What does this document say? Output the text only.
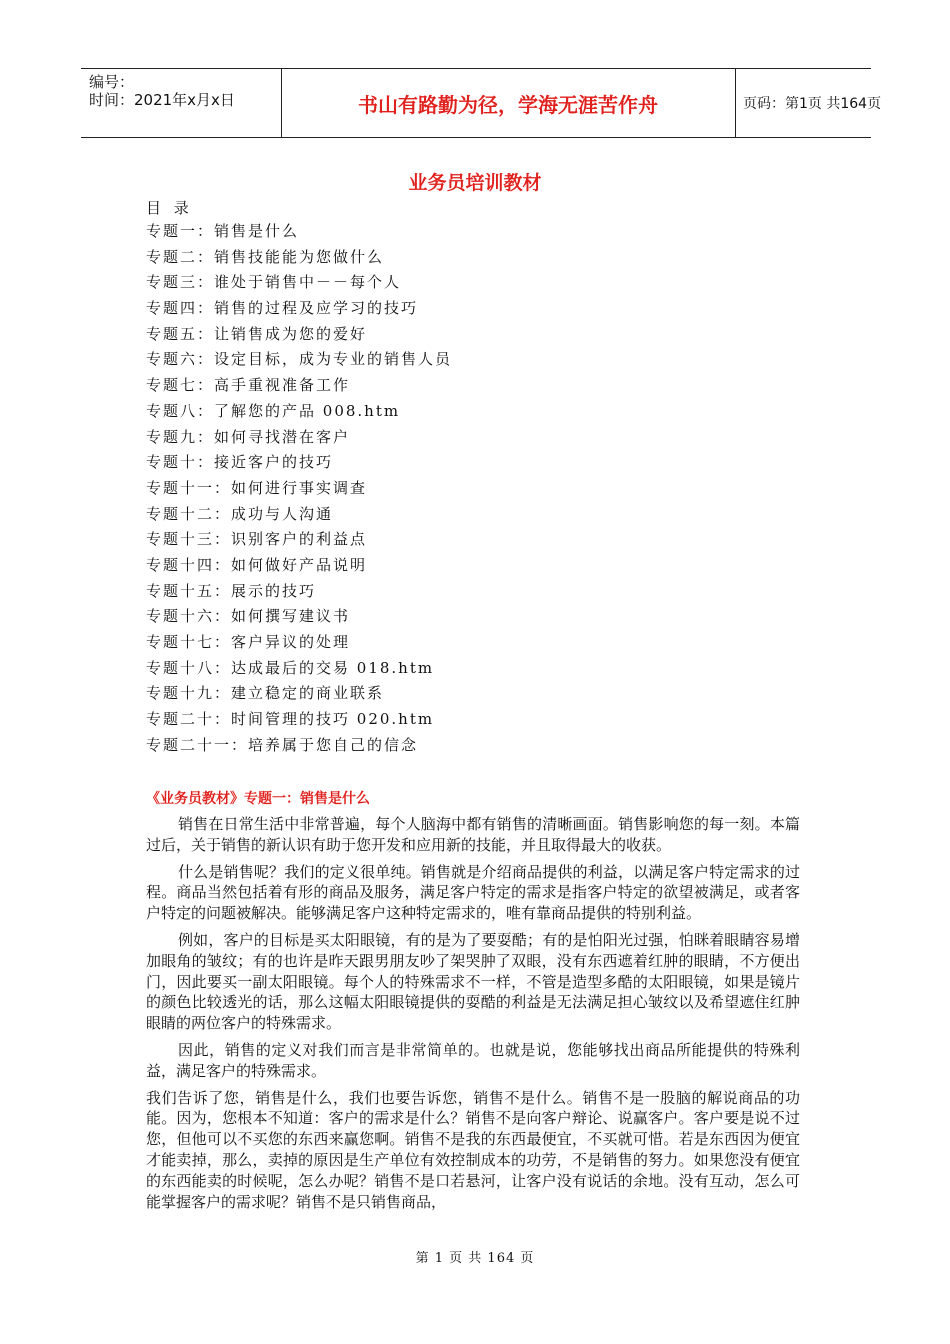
编号：
时间：2021年x月x日	书山有路勤为径，学海无涯苦作舟	页码：第1页 共164页
业务员培训教材
目 录
专题一：销售是什么
专题二：销售技能能为您做什么
专题三：谁处于销售中－－每个人
专题四：销售的过程及应学习的技巧
专题五：让销售成为您的爱好
专题六：设定目标，成为专业的销售人员
专题七：高手重视准备工作
专题八：了解您的产品 008.htm
专题九：如何寻找潜在客户
专题十：接近客户的技巧
专题十一：如何进行事实调查
专题十二：成功与人沟通
专题十三：识别客户的利益点
专题十四：如何做好产品说明
专题十五：展示的技巧
专题十六：如何撰写建议书
专题十七：客户异议的处理
专题十八：达成最后的交易 018.htm
专题十九：建立稳定的商业联系
专题二十：时间管理的技巧 020.htm
专题二十一：培养属于您自己的信念
《业务员教材》专题一：销售是什么

销售在日常生活中非常普遍，每个人脑海中都有销售的清晰画面。销售影响您的每一刻。本篇过后，关于销售的新认识有助于您开发和应用新的技能，并且取得最大的收获。

什么是销售呢？我们的定义很单纯。销售就是介绍商品提供的利益，以满足客户特定需求的过程。商品当然包括着有形的商品及服务，满足客户特定的需求是指客户特定的欲望被满足，或者客户特定的问题被解决。能够满足客户这种特定需求的，唯有靠商品提供的特别利益。

例如，客户的目标是买太阳眼镜，有的是为了要耍酷；有的是怕阳光过强，怕眯着眼睛容易增加眼角的皱纹；有的也许是昨天跟男朋友吵了架哭肿了双眼，没有东西遮着红肿的眼睛，不方便出门，因此要买一副太阳眼镜。每个人的特殊需求不一样，不管是造型多酷的太阳眼镜，如果是镜片的颜色比较透光的话，那么这幅太阳眼镜提供的耍酷的利益是无法满足担心皱纹以及希望遮住红肿眼睛的两位客户的特殊需求。

因此，销售的定义对我们而言是非常简单的。也就是说，您能够找出商品所能提供的特殊利益，满足客户的特殊需求。

我们告诉了您，销售是什么，我们也要告诉您，销售不是什么。销售不是一股脑的解说商品的功能。因为，您根本不知道：客户的需求是什么？销售不是向客户辩论、说赢客户。客户要是说不过您，但他可以不买您的东西来赢您啊。销售不是我的东西最便宜，不买就可惜。若是东西因为便宜才能卖掉，那么，卖掉的原因是生产单位有效控制成本的功劳，不是销售的努力。如果您没有便宜的东西能卖的时候呢，怎么办呢？销售不是口若悬河，让客户没有说话的余地。没有互动，怎么可能掌握客户的需求呢？销售不是只销售商品，

第 1 页 共 164 页
